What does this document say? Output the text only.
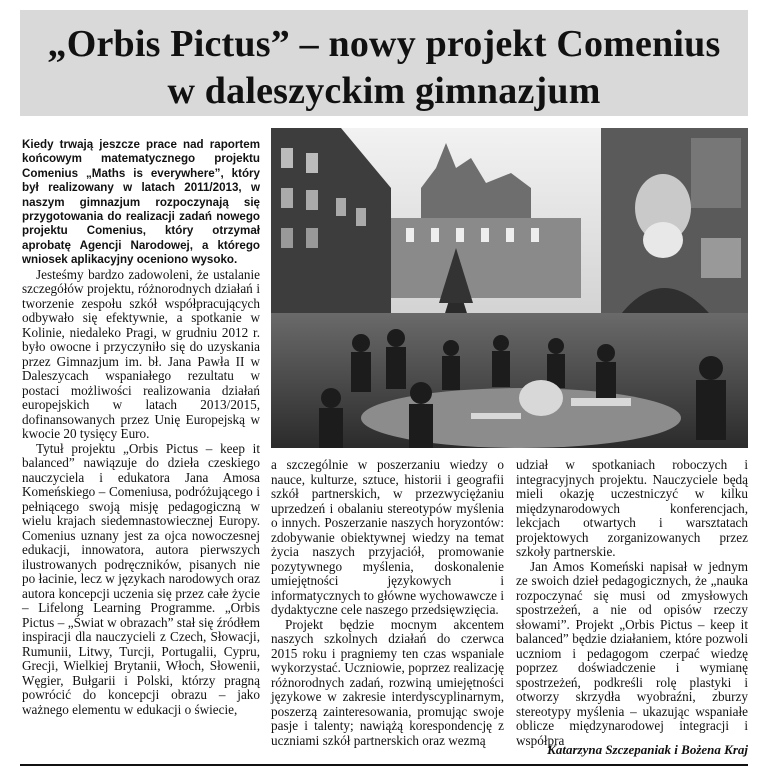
„Orbis Pictus” – nowy projekt Comenius
w daleszyckim gimnazjum

Kiedy trwają jeszcze prace nad raportem końcowym matematycznego projektu Comenius „Maths is everywhere”, który był realizowany w latach 2011/2013, w naszym gimnazjum rozpoczynają się przygotowania do realizacji zadań nowego projektu Comenius, który otrzymał aprobatę Agencji Narodowej, a którego wniosek aplikacyjny oceniono wysoko.

Jesteśmy bardzo zadowoleni, że ustalanie szczegółów projektu, różnorodnych działań i tworzenie zespołu szkół współpracujących odbywało się efektywnie, a spotkanie w Kolinie, niedaleko Pragi, w grudniu 2012 r. było owocne i przyczyniło się do uzyskania przez Gimnazjum im. bł. Jana Pawła II w Daleszycach wspaniałego rezultatu w postaci możliwości realizowania działań europejskich w latach 2013/2015, dofinansowanych przez Unię Europejską w kwocie 20 tysięcy Euro.

Tytuł projektu „Orbis Pictus – keep it balanced” nawiązuje do dzieła czeskiego nauczyciela i edukatora Jana Amosa Komeńskiego – Comeniusa, podróżującego i pełniącego swoją misję pedagogiczną w wielu krajach siedemnastowiecznej Europy. Comenius uznany jest za ojca nowoczesnej edukacji, innowatora, autora pierwszych ilustrowanych podręczników, pisanych nie po łacinie, lecz w językach narodowych oraz autora koncepcji uczenia się przez całe życie – Lifelong Learning Programme. „Orbis Pictus – „Świat w obrazach” stał się źródłem inspiracji dla nauczycieli z Czech, Słowacji, Rumunii, Litwy, Turcji, Portugalii, Cypru, Grecji, Wielkiej Brytanii, Włoch, Słowenii, Węgier, Bułgarii i Polski, którzy pragną powrócić do koncepcji obrazu – jako ważnego elementu w edukacji o świecie,

a szczególnie w poszerzaniu wiedzy o nauce, kulturze, sztuce, historii i geografii szkół partnerskich, w przezwyciężaniu uprzedzeń i obalaniu stereotypów myślenia o innych. Poszerzanie naszych horyzontów: zdobywanie obiektywnej wiedzy na temat życia naszych przyjaciół, promowanie pozytywnego myślenia, doskonalenie umiejętności językowych i informatycznych to główne wychowawcze i dydaktyczne cele naszego przedsięwzięcia.

Projekt będzie mocnym akcentem naszych szkolnych działań do czerwca 2015 roku i pragniemy ten czas wspaniale wykorzystać. Uczniowie, poprzez realizację różnorodnych zadań, rozwiną umiejętności językowe w zakresie interdyscyplinarnym, poszerzą zainteresowania, promując swoje pasje i talenty; nawiążą korespondencję z uczniami szkół partnerskich oraz wezmą

udział w spotkaniach roboczych i integracyjnych projektu. Nauczyciele będą mieli okazję uczestniczyć w kilku międzynarodowych konferencjach, lekcjach otwartych i warsztatach projektowych zorganizowanych przez szkoły partnerskie.

Jan Amos Komeński napisał w jednym ze swoich dzieł pedagogicznych, że „nauka rozpoczynać się musi od zmysłowych spostrzeżeń, a nie od opisów rzeczy słowami”. Projekt „Orbis Pictus – keep it balanced” będzie działaniem, które pozwoli uczniom i pedagogom czerpać wiedzę poprzez doświadczenie i wymianę spostrzeżeń, podkreśli rolę plastyki i otworzy skrzydła wyobraźni, zburzy stereotypy myślenia – ukazując wspaniałe oblicze międzynarodowej integracji i współpra

Katarzyna Szczepaniak i Bożena Kraj
